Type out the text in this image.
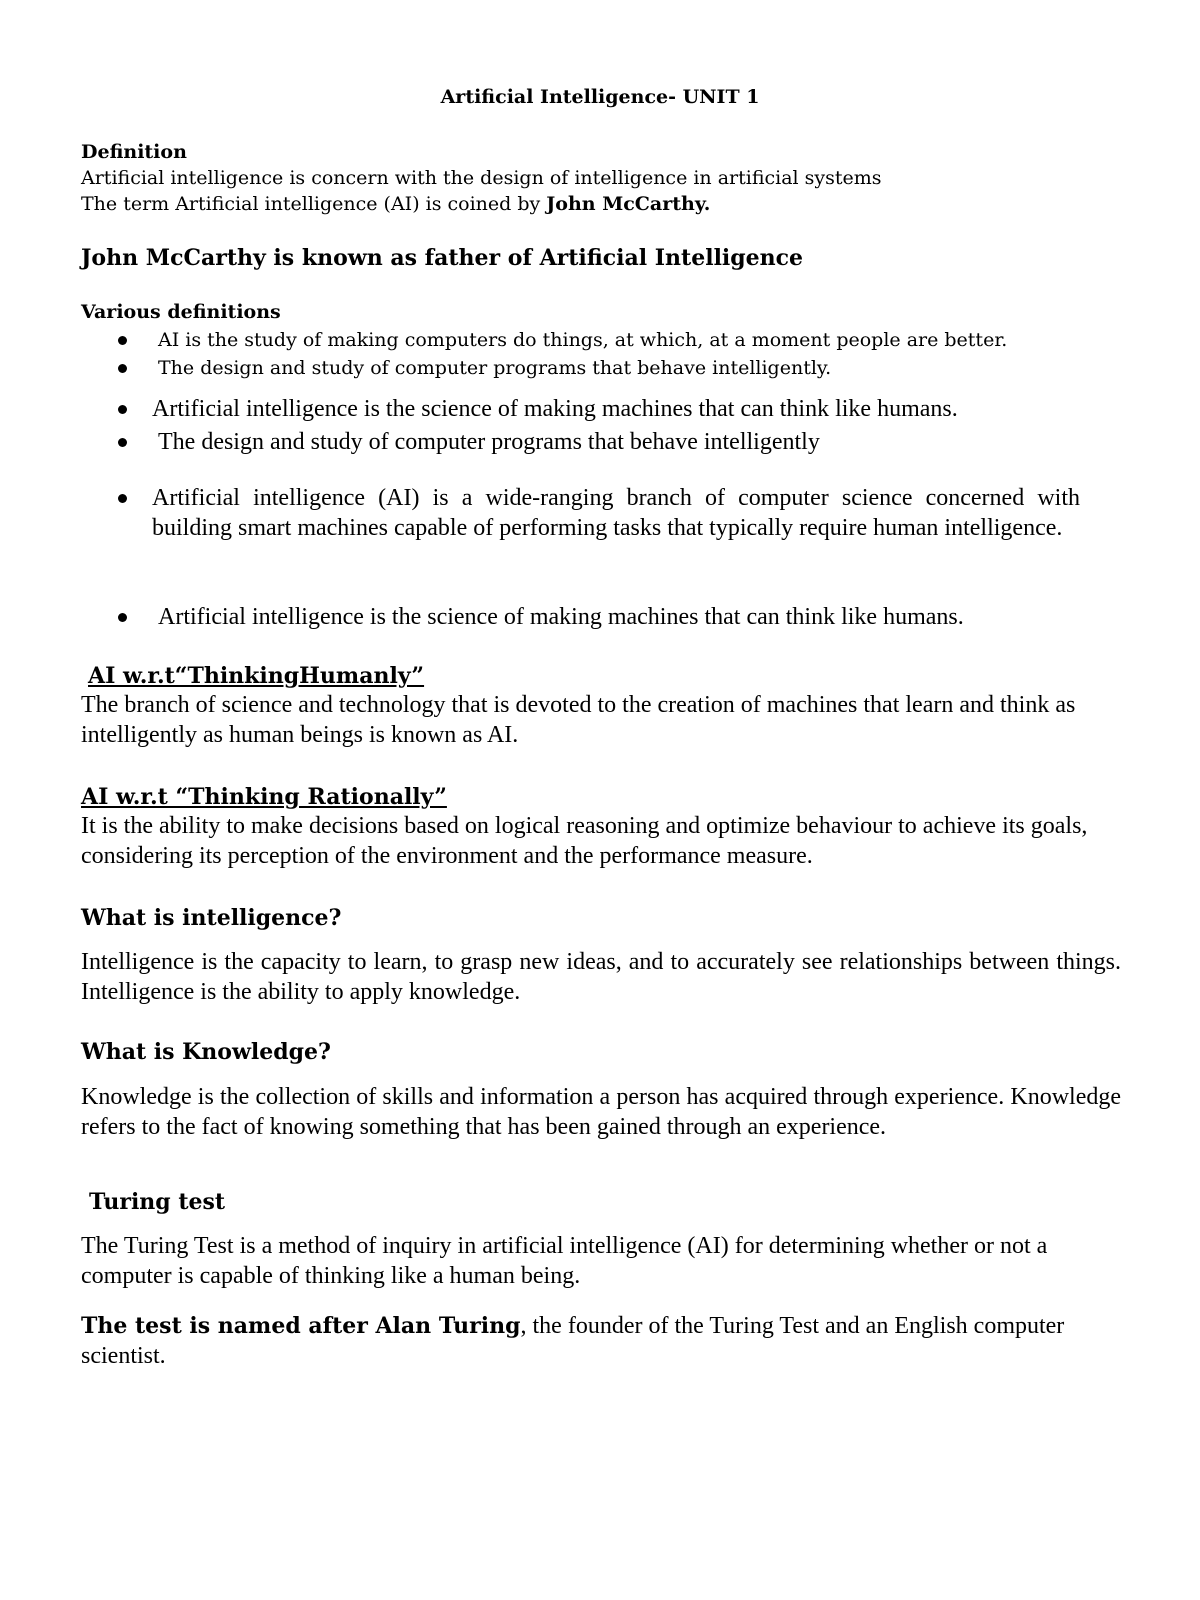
Artificial Intelligence- UNIT 1
Definition
Artificial intelligence is concern with the design of intelligence in artificial systems
The term Artificial intelligence (AI) is coined by John McCarthy.
John McCarthy is known as father of Artificial Intelligence
Various definitions
AI is the study of making computers do things, at which, at a moment people are better.
The design and study of computer programs that behave intelligently.
Artificial intelligence is the science of making machines that can think like humans.
The design and study of computer programs that behave intelligently
Artificial intelligence (AI) is a wide-ranging branch of computer science concerned with building smart machines capable of performing tasks that typically require human intelligence.
Artificial intelligence is the science of making machines that can think like humans.
AI w.r.t“ThinkingHumanly”
The branch of science and technology that is devoted to the creation of machines that learn and think as intelligently as human beings is known as AI.
AI w.r.t “Thinking Rationally”
It is the ability to make decisions based on logical reasoning and optimize behaviour to achieve its goals, considering its perception of the environment and the performance measure.
What is intelligence?
Intelligence is the capacity to learn, to grasp new ideas, and to accurately see relationships between things. Intelligence is the ability to apply knowledge.
What is Knowledge?
Knowledge is the collection of skills and information a person has acquired through experience. Knowledge refers to the fact of knowing something that has been gained through an experience.
Turing test
The Turing Test is a method of inquiry in artificial intelligence (AI) for determining whether or not a computer is capable of thinking like a human being.
The test is named after Alan Turing, the founder of the Turing Test and an English computer scientist.
